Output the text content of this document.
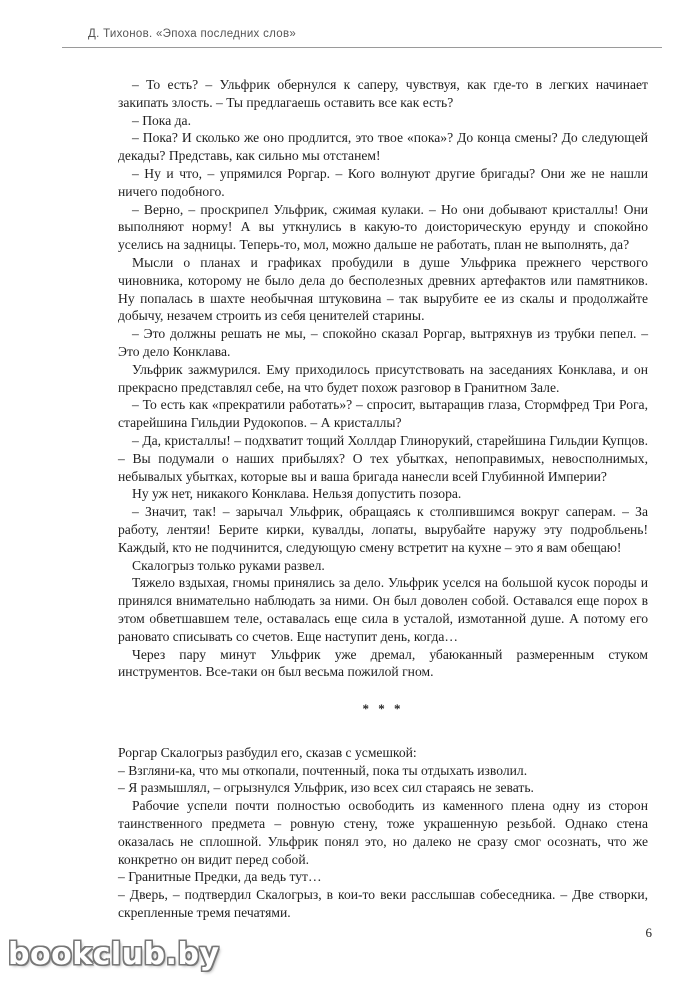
Д. Тихонов. «Эпоха последних слов»

– То есть? – Ульфрик обернулся к саперу, чувствуя, как где-то в легких начинает закипать злость. – Ты предлагаешь оставить все как есть?

– Пока да.

– Пока? И сколько же оно продлится, это твое «пока»? До конца смены? До следующей декады? Представь, как сильно мы отстанем!

– Ну и что, – упрямился Роргар. – Кого волнуют другие бригады? Они же не нашли ничего подобного.

– Верно, – проскрипел Ульфрик, сжимая кулаки. – Но они добывают кристаллы! Они выполняют норму! А вы уткнулись в какую-то доисторическую ерунду и спокойно уселись на задницы. Теперь-то, мол, можно дальше не работать, план не выполнять, да?

Мысли о планах и графиках пробудили в душе Ульфрика прежнего черствого чиновника, которому не было дела до бесполезных древних артефактов или памятников. Ну попалась в шахте необычная штуковина – так вырубите ее из скалы и продолжайте добычу, незачем строить из себя ценителей старины.

– Это должны решать не мы, – спокойно сказал Роргар, вытряхнув из трубки пепел. – Это дело Конклава.

Ульфрик зажмурился. Ему приходилось присутствовать на заседаниях Конклава, и он прекрасно представлял себе, на что будет похож разговор в Гранитном Зале.

– То есть как «прекратили работать»? – спросит, вытаращив глаза, Стормфред Три Рога, старейшина Гильдии Рудокопов. – А кристаллы?

– Да, кристаллы! – подхватит тощий Холлдар Глинорукий, старейшина Гильдии Купцов. – Вы подумали о наших прибылях? О тех убытках, непоправимых, невосполнимых, небывалых убытках, которые вы и ваша бригада нанесли всей Глубинной Империи?

Ну уж нет, никакого Конклава. Нельзя допустить позора.

– Значит, так! – зарычал Ульфрик, обращаясь к столпившимся вокруг саперам. – За работу, лентяи! Берите кирки, кувалды, лопаты, вырубайте наружу эту подробльень! Каждый, кто не подчинится, следующую смену встретит на кухне – это я вам обещаю!

Скалогрыз только руками развел.

Тяжело вздыхая, гномы принялись за дело. Ульфрик уселся на большой кусок породы и принялся внимательно наблюдать за ними. Он был доволен собой. Оставался еще порох в этом обветшавшем теле, оставалась еще сила в усталой, измотанной душе. А потому его рановато списывать со счетов. Еще наступит день, когда…

Через пару минут Ульфрик уже дремал, убаюканный размеренным стуком инструментов. Все-таки он был весьма пожилой гном.

* * *

Роргар Скалогрыз разбудил его, сказав с усмешкой:

– Взгляни-ка, что мы откопали, почтенный, пока ты отдыхать изволил.

– Я размышлял, – огрызнулся Ульфрик, изо всех сил стараясь не зевать.

Рабочие успели почти полностью освободить из каменного плена одну из сторон таинственного предмета – ровную стену, тоже украшенную резьбой. Однако стена оказалась не сплошной. Ульфрик понял это, но далеко не сразу смог осознать, что же конкретно он видит перед собой.

– Гранитные Предки, да ведь тут…

– Дверь, – подтвердил Скалогрыз, в кои-то веки расслышав собеседника. – Две створки, скрепленные тремя печатями.

6
bookclub.by
